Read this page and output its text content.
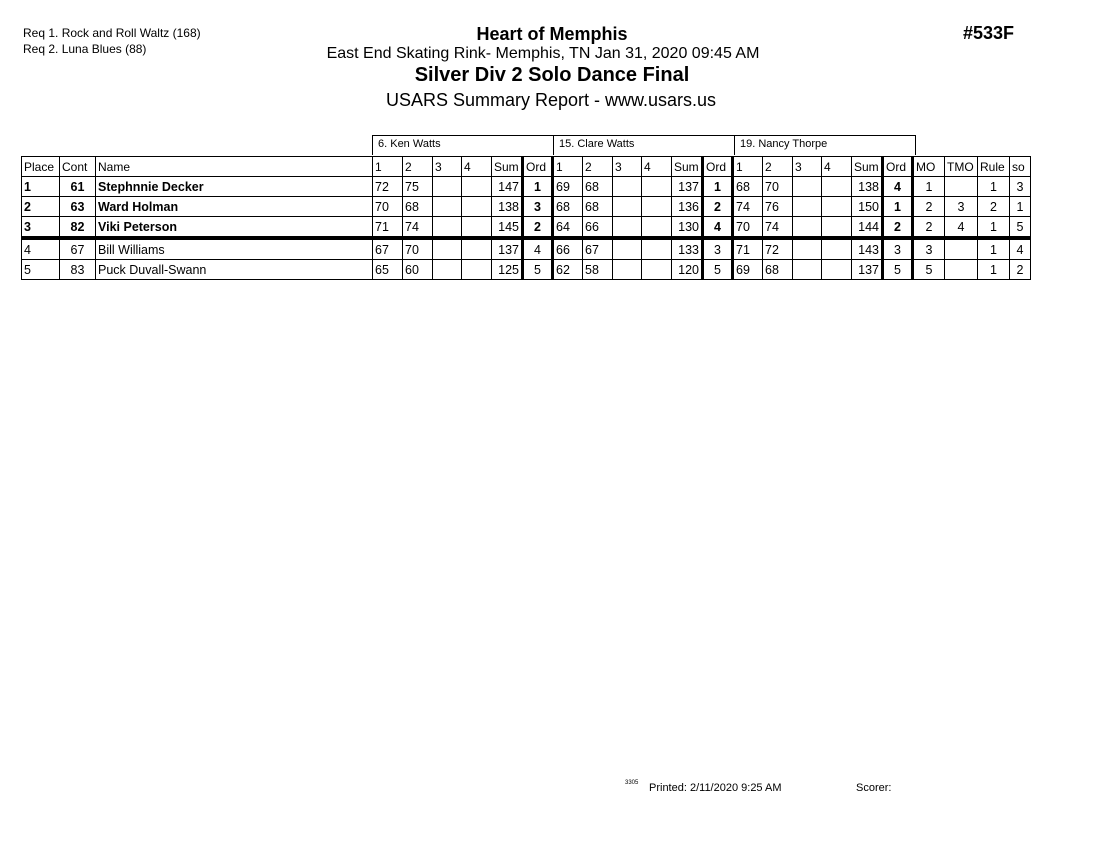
Req 1. Rock and Roll Waltz (168)
Req 2. Luna Blues (88)
#533F
Heart of Memphis
East End Skating Rink- Memphis, TN Jan 31, 2020 09:45 AM
Silver Div 2 Solo Dance Final
USARS Summary Report - www.usars.us
6. Ken Watts	15. Clare Watts	19. Nancy Thorpe
Place	Cont	Name	1	2	3	4	Sum	Ord	1	2	3	4	Sum	Ord	1	2	3	4	Sum	Ord	MO	TMO	Rule	so
1	61	Stephnnie Decker	72	75			147	1	69	68			137	1	68	70			138	4	1		1	3
2	63	Ward Holman	70	68			138	3	68	68			136	2	74	76			150	1	2	3	2	1
3	82	Viki Peterson	71	74			145	2	64	66			130	4	70	74			144	2	2	4	1	5
4	67	Bill Williams	67	70			137	4	66	67			133	3	71	72			143	3	3		1	4
5	83	Puck Duvall-Swann	65	60			125	5	62	58			120	5	69	68			137	5	5		1	2
3305 Printed: 2/11/2020 9:25 AM	Scorer:
